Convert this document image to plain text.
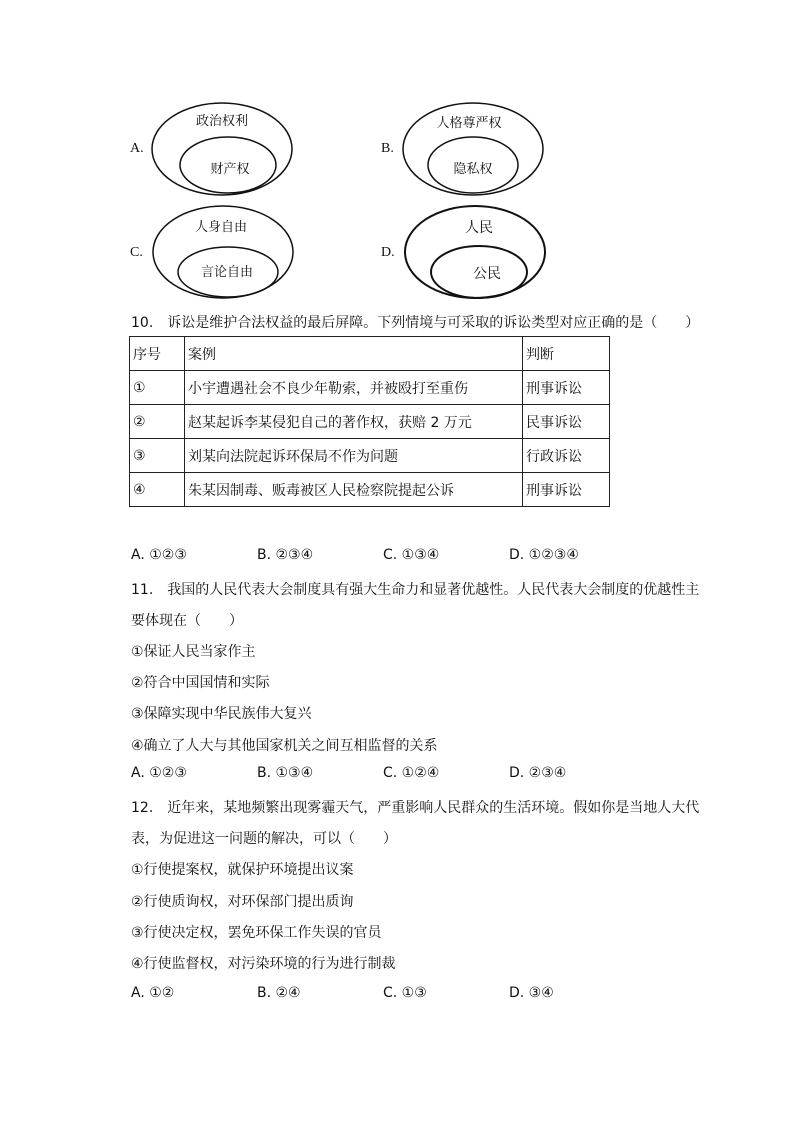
A.
政治权利
财产权
B.
人格尊严权
隐私权
C.
人身自由
言论自由
D.
人民
公民
10.　诉讼是维护合法权益的最后屏障。下列情境与可采取的诉讼类型对应正确的是（　　）
序号	案例	判断
①	小宇遭遇社会不良少年勒索，并被殴打至重伤	刑事诉讼
②	赵某起诉李某侵犯自己的著作权，获赔 2 万元	民事诉讼
③	刘某向法院起诉环保局不作为问题	行政诉讼
④	朱某因制毒、贩毒被区人民检察院提起公诉	刑事诉讼
A. ①②③	B. ②③④	C. ①③④	D. ①②③④
11.　我国的人民代表大会制度具有强大生命力和显著优越性。人民代表大会制度的优越性主
要体现在（　　）
①保证人民当家作主
②符合中国国情和实际
③保障实现中华民族伟大复兴
④确立了人大与其他国家机关之间互相监督的关系
A. ①②③	B. ①③④	C. ①②④	D. ②③④
12.　近年来，某地频繁出现雾霾天气，严重影响人民群众的生活环境。假如你是当地人大代
表，为促进这一问题的解决，可以（　　）
①行使提案权，就保护环境提出议案
②行使质询权，对环保部门提出质询
③行使决定权，罢免环保工作失误的官员
④行使监督权，对污染环境的行为进行制裁
A. ①②	B. ②④	C. ①③	D. ③④
